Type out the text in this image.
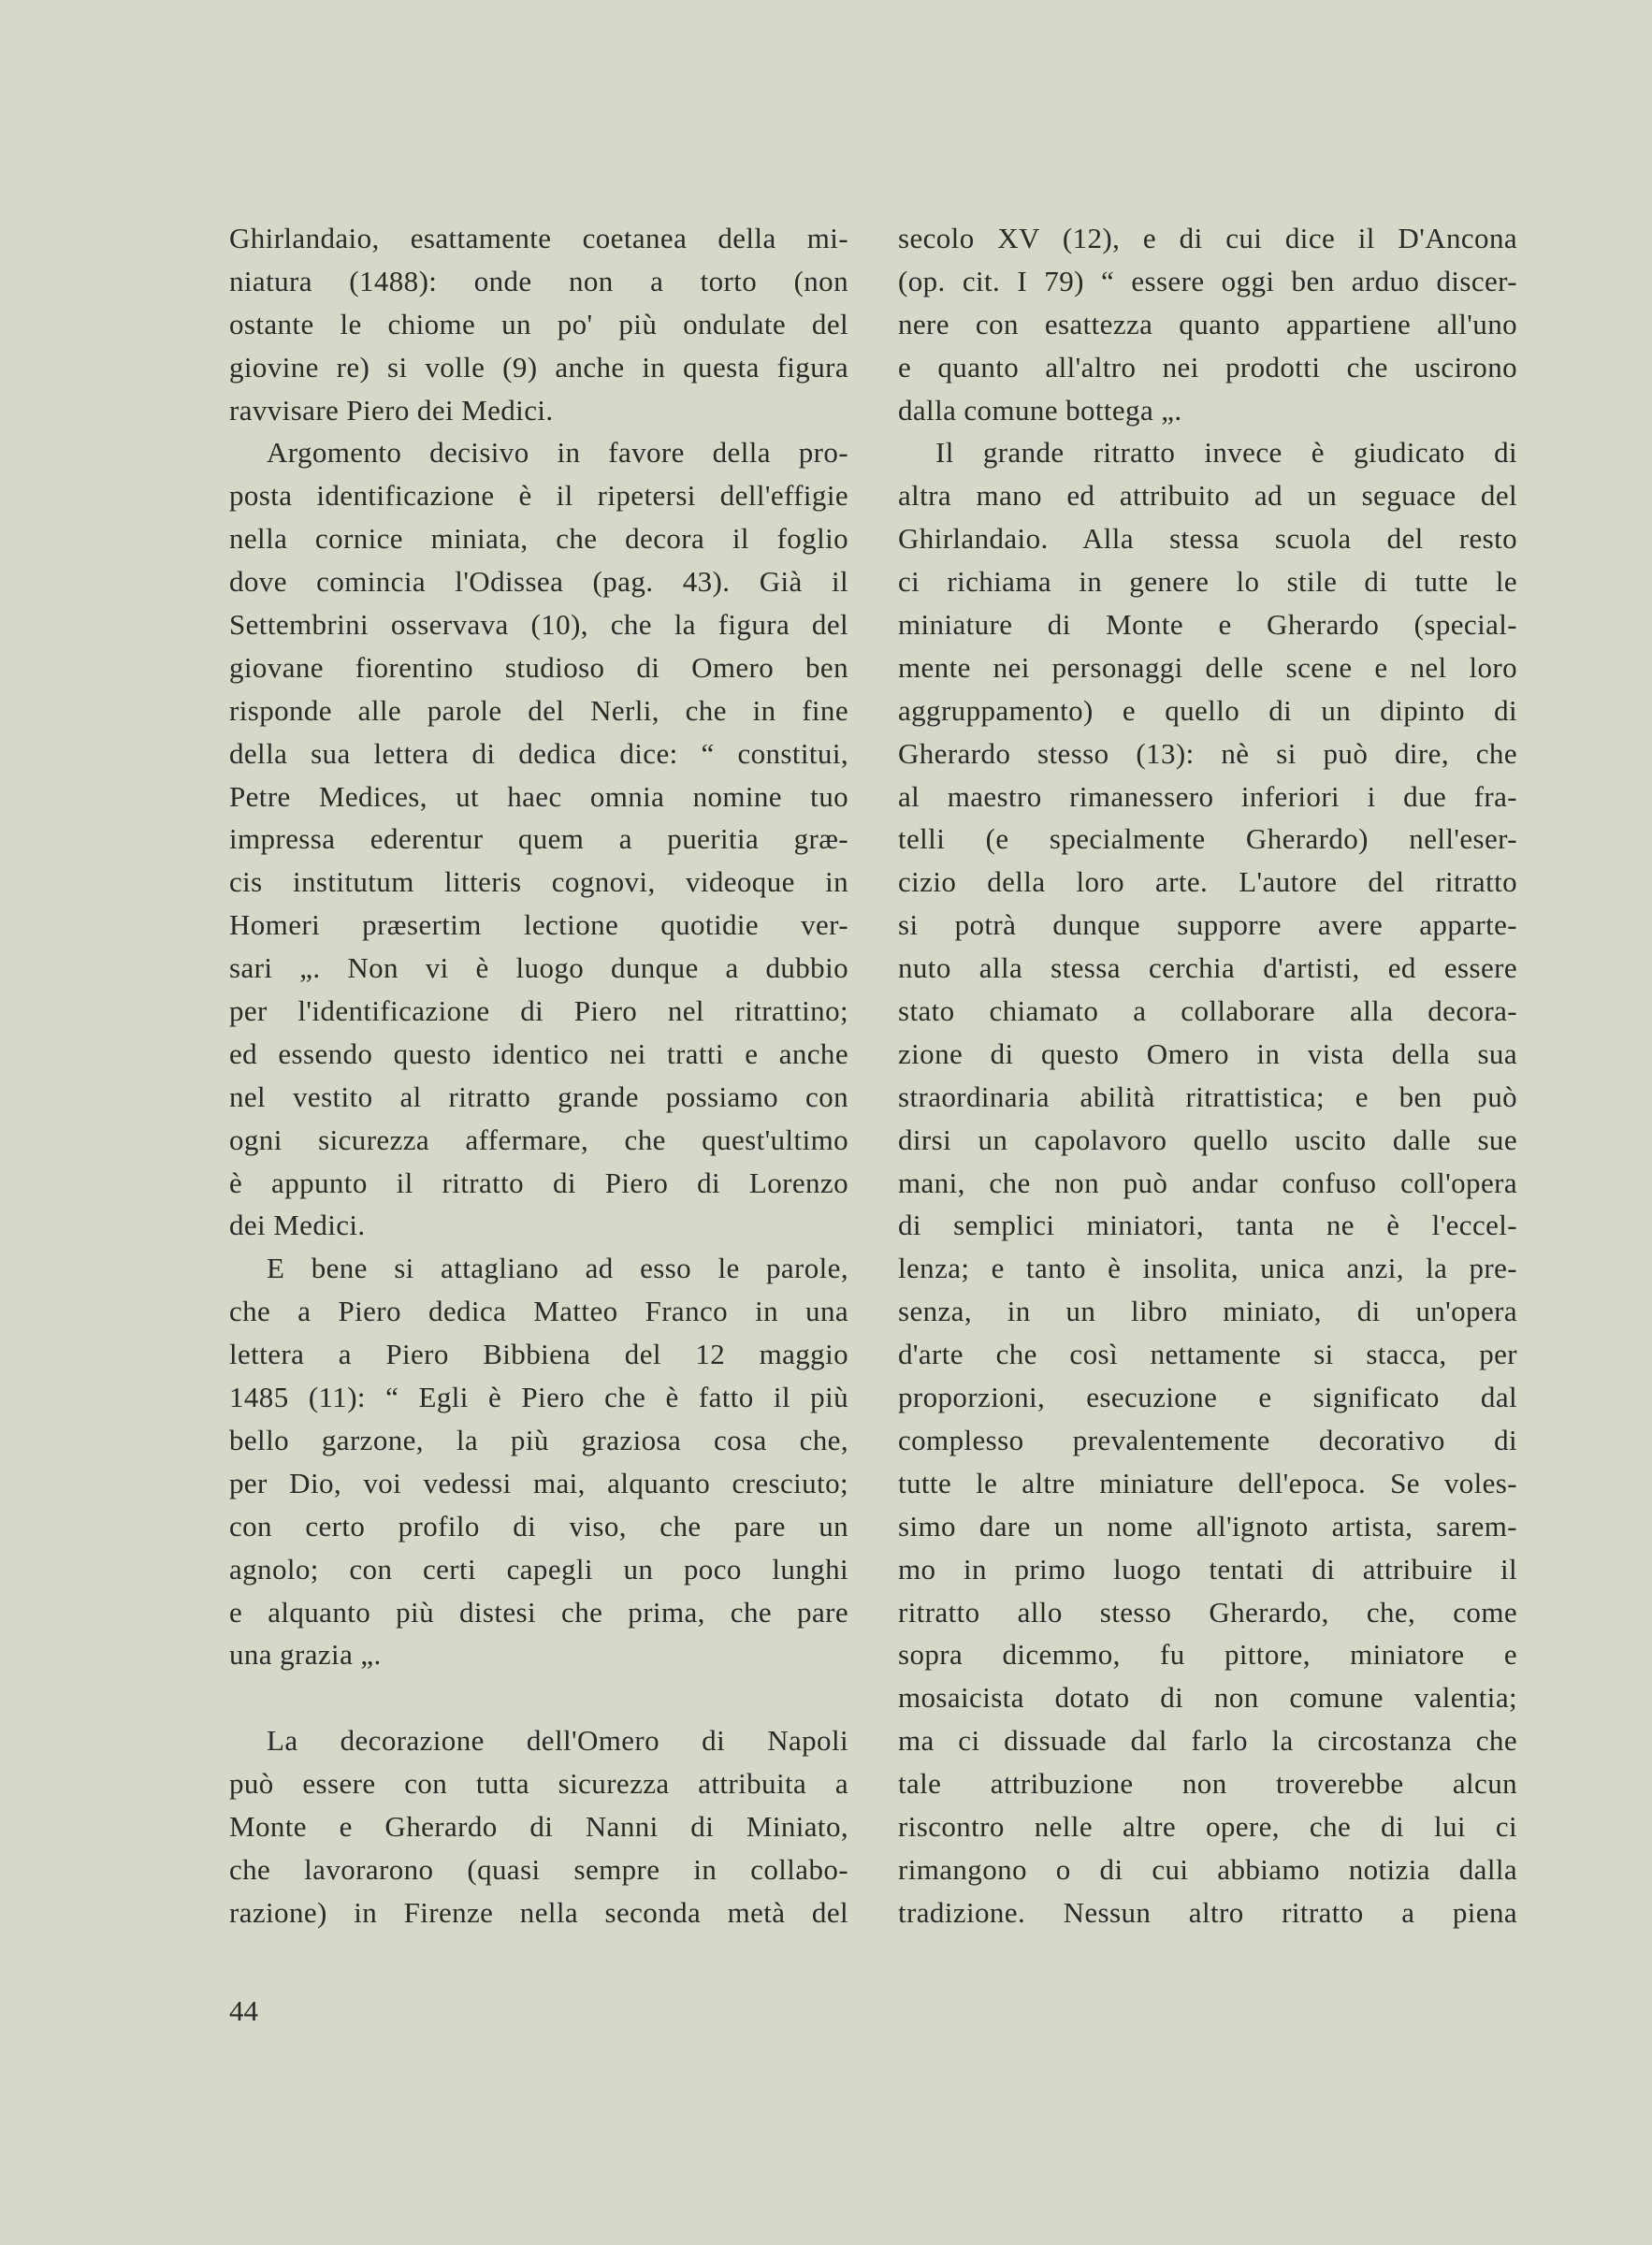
Ghirlandaio, esattamente coetanea della mi-
niatura (1488): onde non a torto (non
ostante le chiome un po' più ondulate del
giovine re) si volle (9) anche in questa figura
ravvisare Piero dei Medici.
Argomento decisivo in favore della pro-
posta identificazione è il ripetersi dell'effigie
nella cornice miniata, che decora il foglio
dove comincia l'Odissea (pag. 43). Già il
Settembrini osservava (10), che la figura del
giovane fiorentino studioso di Omero ben
risponde alle parole del Nerli, che in fine
della sua lettera di dedica dice: “ constitui,
Petre Medices, ut haec omnia nomine tuo
impressa ederentur quem a pueritia græ-
cis institutum litteris cognovi, videoque in
Homeri præsertim lectione quotidie ver-
sari „. Non vi è luogo dunque a dubbio
per l'identificazione di Piero nel ritrattino;
ed essendo questo identico nei tratti e anche
nel vestito al ritratto grande possiamo con
ogni sicurezza affermare, che quest'ultimo
è appunto il ritratto di Piero di Lorenzo
dei Medici.
E bene si attagliano ad esso le parole,
che a Piero dedica Matteo Franco in una
lettera a Piero Bibbiena del 12 maggio
1485 (11): “ Egli è Piero che è fatto il più
bello garzone, la più graziosa cosa che,
per Dio, voi vedessi mai, alquanto cresciuto;
con certo profilo di viso, che pare un
agnolo; con certi capegli un poco lunghi
e alquanto più distesi che prima, che pare
una grazia „.
La decorazione dell'Omero di Napoli
può essere con tutta sicurezza attribuita a
Monte e Gherardo di Nanni di Miniato,
che lavorarono (quasi sempre in collabo-
razione) in Firenze nella seconda metà del
secolo XV (12), e di cui dice il D'Ancona
(op. cit. I 79) “ essere oggi ben arduo discer-
nere con esattezza quanto appartiene all'uno
e quanto all'altro nei prodotti che uscirono
dalla comune bottega „.
Il grande ritratto invece è giudicato di
altra mano ed attribuito ad un seguace del
Ghirlandaio. Alla stessa scuola del resto
ci richiama in genere lo stile di tutte le
miniature di Monte e Gherardo (special-
mente nei personaggi delle scene e nel loro
aggruppamento) e quello di un dipinto di
Gherardo stesso (13): nè si può dire, che
al maestro rimanessero inferiori i due fra-
telli (e specialmente Gherardo) nell'eser-
cizio della loro arte. L'autore del ritratto
si potrà dunque supporre avere apparte-
nuto alla stessa cerchia d'artisti, ed essere
stato chiamato a collaborare alla decora-
zione di questo Omero in vista della sua
straordinaria abilità ritrattistica; e ben può
dirsi un capolavoro quello uscito dalle sue
mani, che non può andar confuso coll'opera
di semplici miniatori, tanta ne è l'eccel-
lenza; e tanto è insolita, unica anzi, la pre-
senza, in un libro miniato, di un'opera
d'arte che così nettamente si stacca, per
proporzioni, esecuzione e significato dal
complesso prevalentemente decorativo di
tutte le altre miniature dell'epoca. Se voles-
simo dare un nome all'ignoto artista, sarem-
mo in primo luogo tentati di attribuire il
ritratto allo stesso Gherardo, che, come
sopra dicemmo, fu pittore, miniatore e
mosaicista dotato di non comune valentia;
ma ci dissuade dal farlo la circostanza che
tale attribuzione non troverebbe alcun
riscontro nelle altre opere, che di lui ci
rimangono o di cui abbiamo notizia dalla
tradizione. Nessun altro ritratto a piena
44
